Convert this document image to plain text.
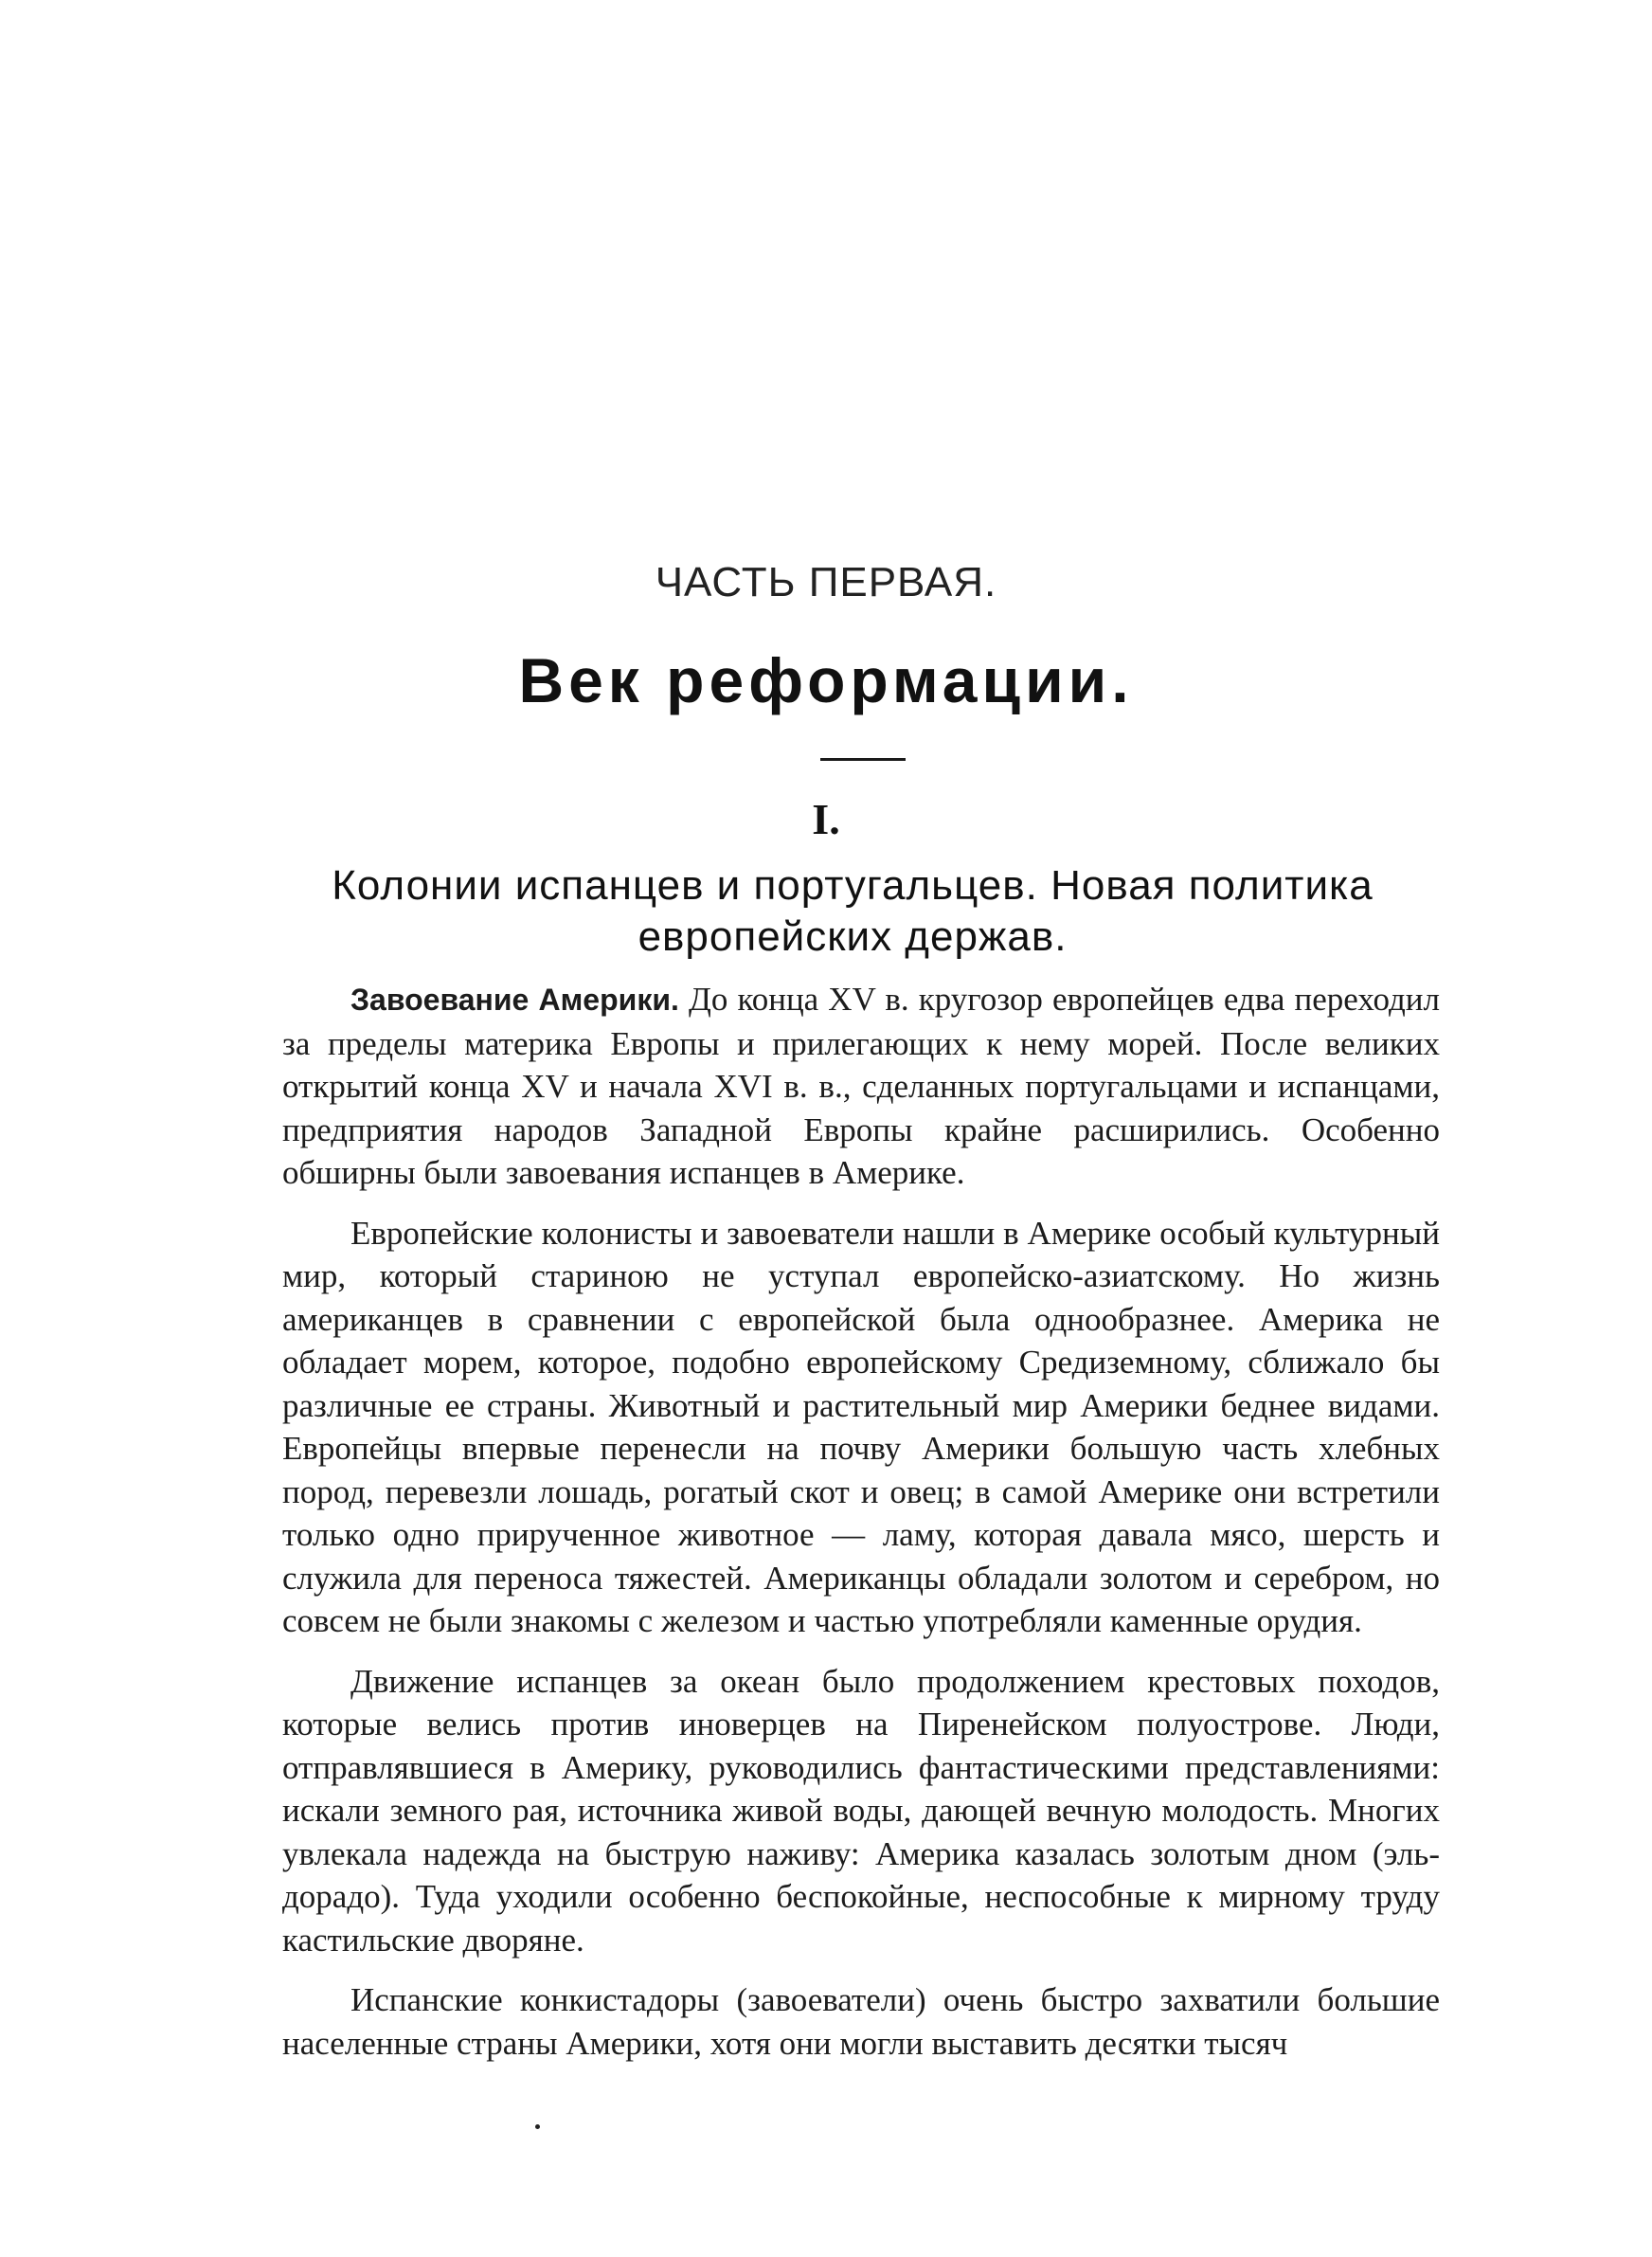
ЧАСТЬ ПЕРВАЯ.
Век реформации.
I.
Колонии испанцев и португальцев. Новая политика
европейских держав.

Завоевание Америки. До конца XV в. кругозор европейцев едва переходил за пределы материка Европы и прилегающих к нему морей. После великих открытий конца XV и начала XVI в. в., сделанных португальцами и испанцами, предприятия народов Западной Европы крайне расширились. Особенно обширны были завоевания испанцев в Америке.

Европейские колонисты и завоеватели нашли в Америке особый культурный мир, который стариною не уступал европейско-азиатскому. Но жизнь американцев в сравнении с европейской была однообразнее. Америка не обладает морем, которое, подобно европейскому Средиземному, сближало бы различные ее страны. Животный и растительный мир Америки беднее видами. Европейцы впервые перенесли на почву Америки большую часть хлебных пород, перевезли лошадь, рогатый скот и овец; в самой Америке они встретили только одно прирученное животное — ламу, которая давала мясо, шерсть и служила для переноса тяжестей. Американцы обладали золотом и серебром, но совсем не были знакомы с железом и частью употребляли каменные орудия.

Движение испанцев за океан было продолжением крестовых походов, которые велись против иноверцев на Пиренейском полуострове. Люди, отправлявшиеся в Америку, руководились фантастическими представлениями: искали земного рая, источника живой воды, дающей вечную молодость. Многих увлекала надежда на быструю наживу: Америка казалась золотым дном (эль-дорадо). Туда уходили особенно беспокойные, неспособные к мирному труду кастильские дворяне.

Испанские конкистадоры (завоеватели) очень быстро захватили большие населенные страны Америки, хотя они могли выставить десятки тысяч
